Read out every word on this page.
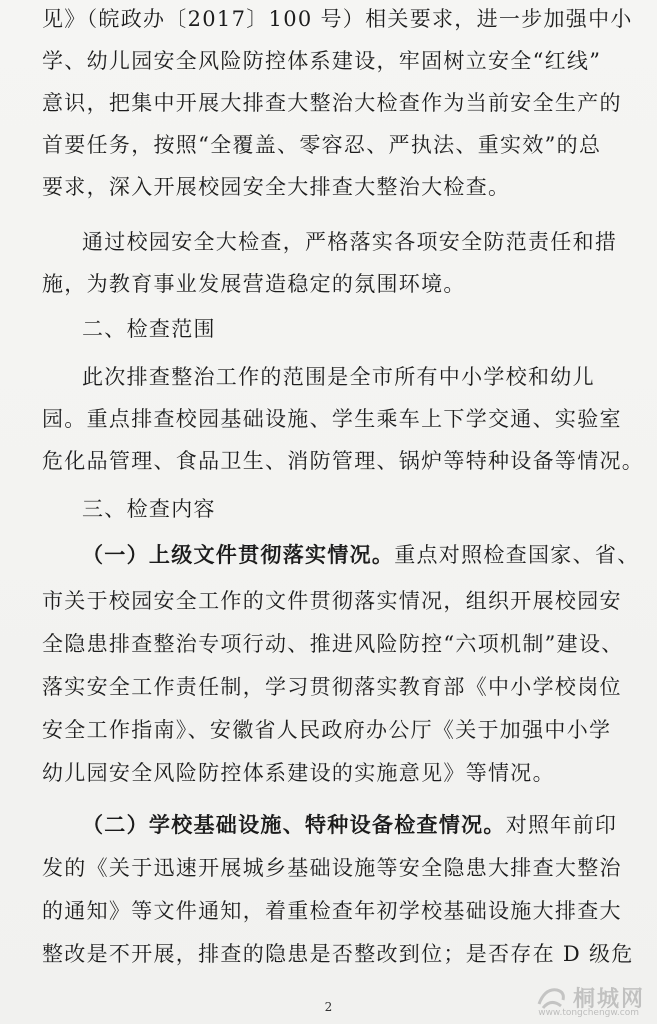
见》（皖政办〔2017〕100 号）相关要求，进一步加强中小
学、幼儿园安全风险防控体系建设，牢固树立安全“红线”
意识，把集中开展大排查大整治大检查作为当前安全生产的
首要任务，按照“全覆盖、零容忍、严执法、重实效”的总
要求，深入开展校园安全大排查大整治大检查。
通过校园安全大检查，严格落实各项安全防范责任和措
施，为教育事业发展营造稳定的氛围环境。
二、检查范围
此次排查整治工作的范围是全市所有中小学校和幼儿
园。重点排查校园基础设施、学生乘车上下学交通、实验室
危化品管理、食品卫生、消防管理、锅炉等特种设备等情况。
三、检查内容
（一）上级文件贯彻落实情况。重点对照检查国家、省、
市关于校园安全工作的文件贯彻落实情况，组织开展校园安
全隐患排查整治专项行动、推进风险防控“六项机制”建设、
落实安全工作责任制，学习贯彻落实教育部《中小学校岗位
安全工作指南》、安徽省人民政府办公厅《关于加强中小学
幼儿园安全风险防控体系建设的实施意见》等情况。
（二）学校基础设施、特种设备检查情况。对照年前印
发的《关于迅速开展城乡基础设施等安全隐患大排查大整治
的通知》等文件通知，着重检查年初学校基础设施大排查大
整改是不开展，排查的隐患是否整改到位；是否存在 D 级危
2	桐城网
www.tongchengw.com
